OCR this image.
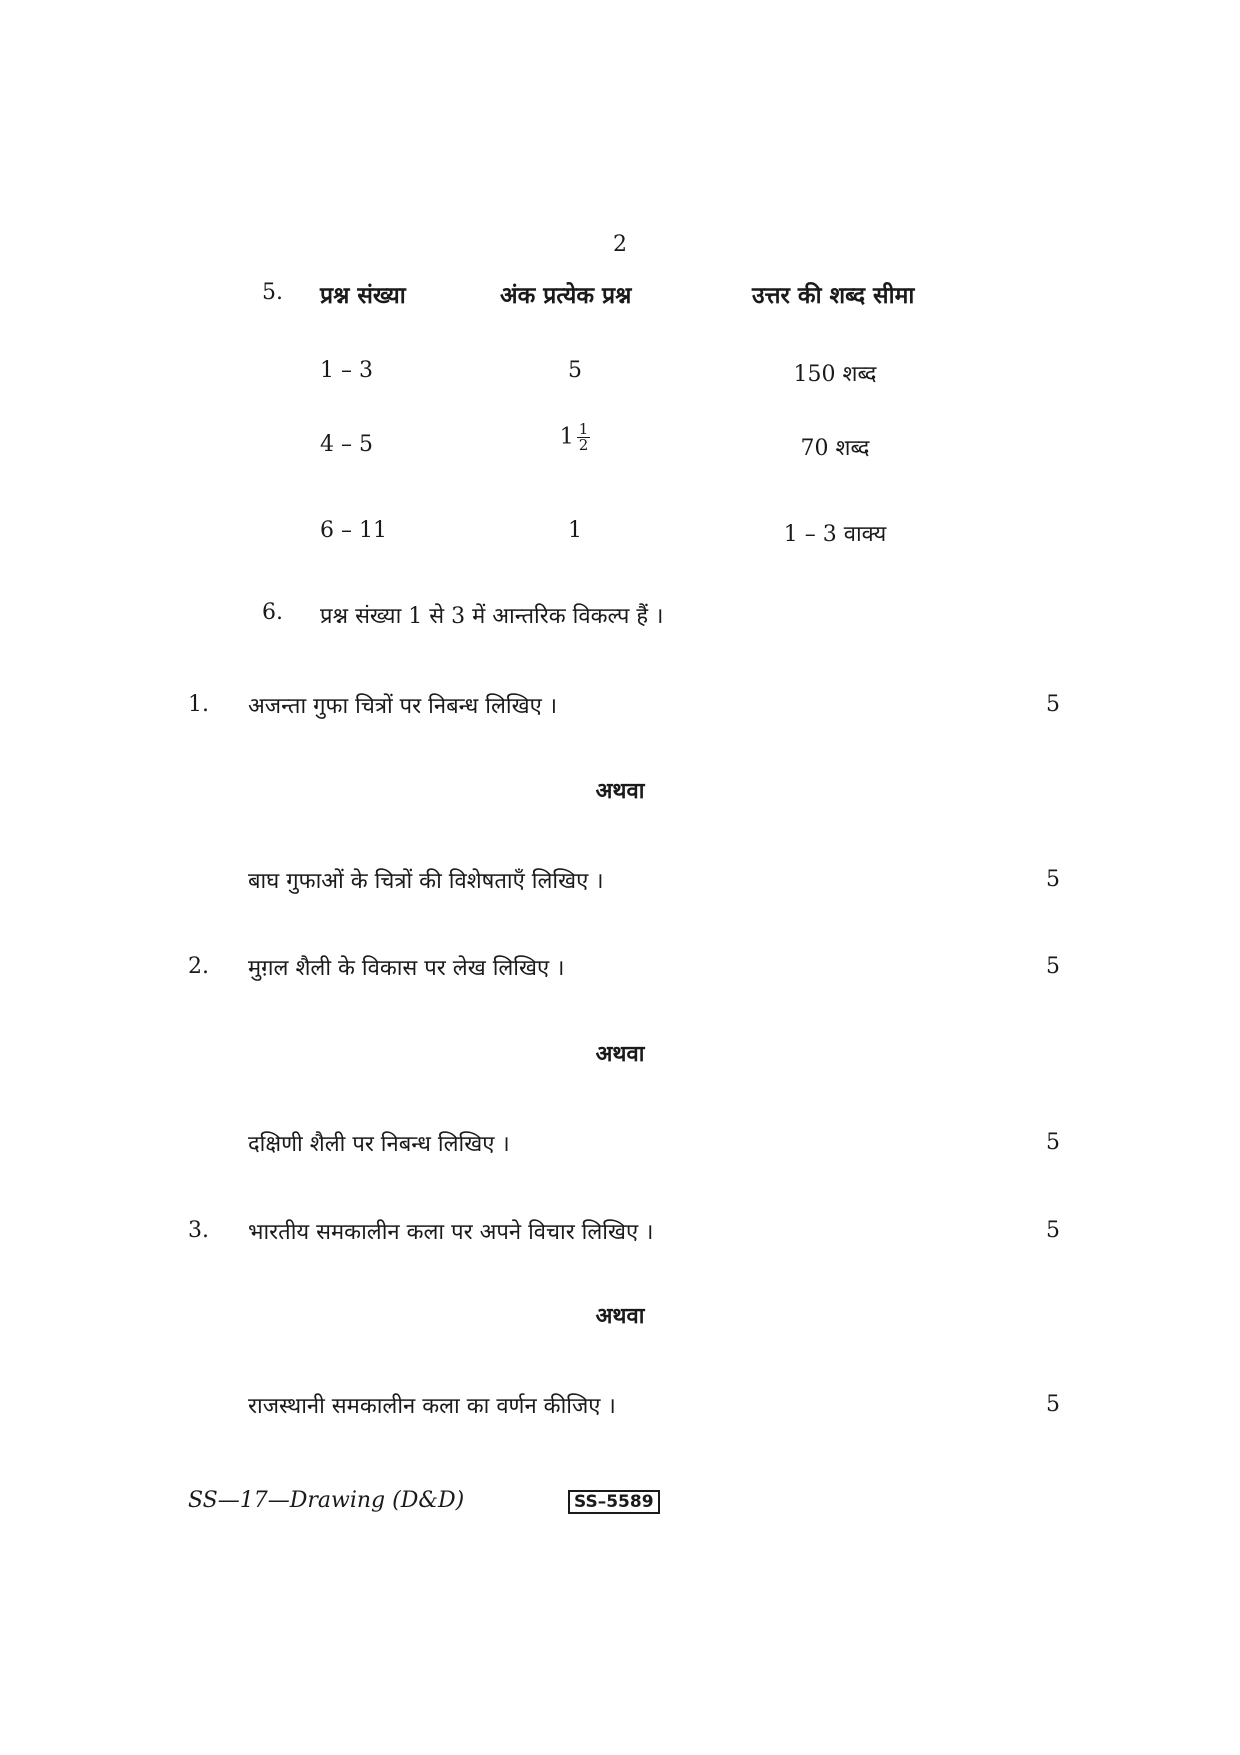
2
5. प्रश्न संख्या	अंक प्रत्येक प्रश्न	उत्तर की शब्द सीमा
1 – 3	5	150 शब्द
4 – 5	$1 \frac{1}{2}$	70 शब्द
6 – 11	1	1 – 3 वाक्य
6. प्रश्न संख्या 1 से 3 में आन्तरिक विकल्प हैं ।
1. अजन्ता गुफा चित्रों पर निबन्ध लिखिए ।	5
अथवा
बाघ गुफाओं के चित्रों की विशेषताएँ लिखिए ।	5
2. मुग़ल शैली के विकास पर लेख लिखिए ।	5
अथवा
दक्षिणी शैली पर निबन्ध लिखिए ।	5
3. भारतीय समकालीन कला पर अपने विचार लिखिए ।	5
अथवा
राजस्थानी समकालीन कला का वर्णन कीजिए ।	5
SS—17—Drawing (D&D)	SS–5589
